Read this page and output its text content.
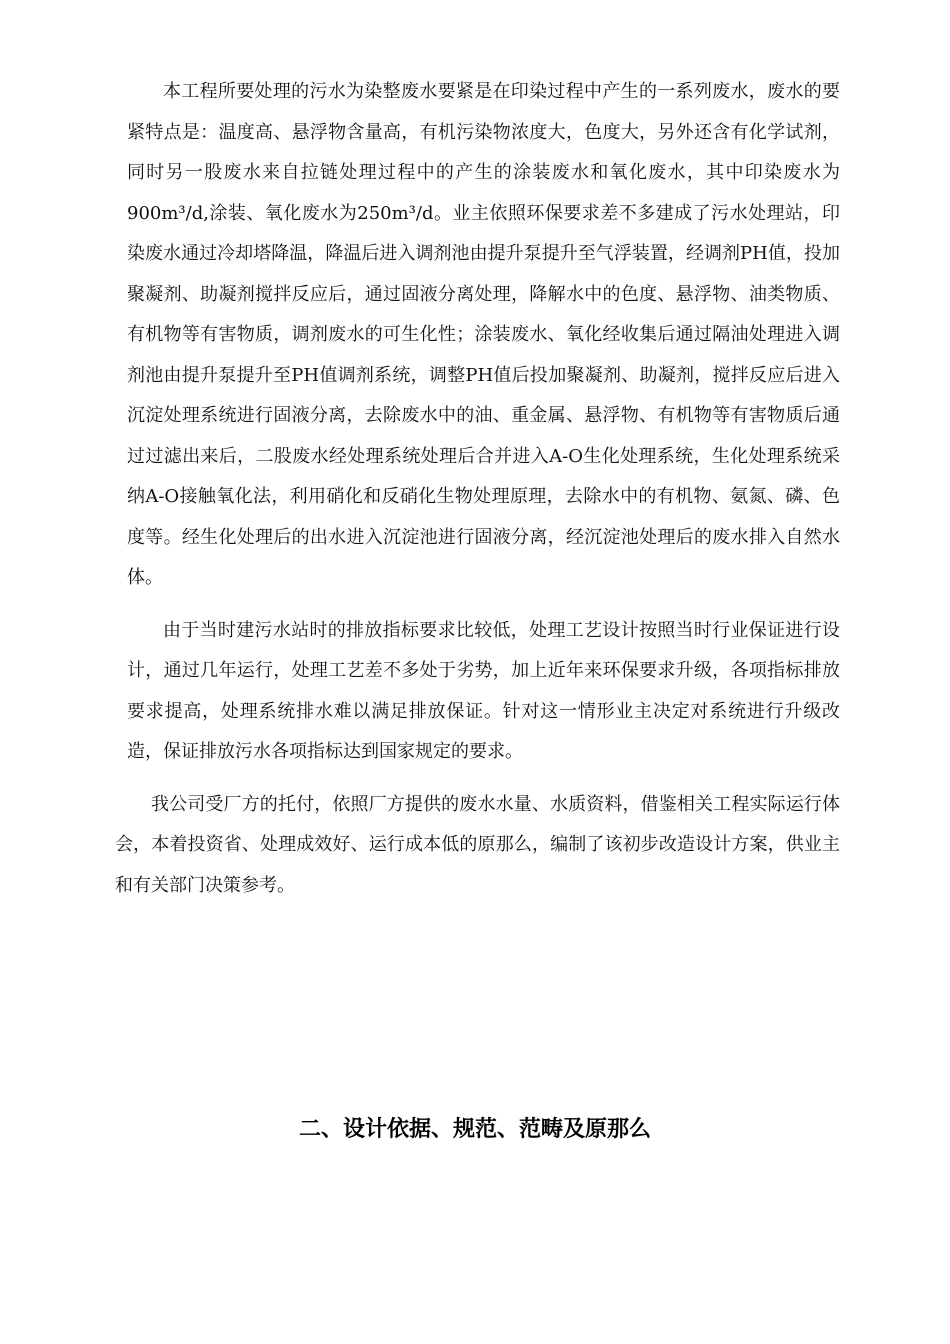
本工程所要处理的污水为染整废水要紧是在印染过程中产生的一系列废水，废水的要紧特点是：温度高、悬浮物含量高，有机污染物浓度大，色度大，另外还含有化学试剂，同时另一股废水来自拉链处理过程中的产生的涂装废水和氧化废水，其中印染废水为900m³/d,涂装、氧化废水为250m³/d。业主依照环保要求差不多建成了污水处理站，印染废水通过冷却塔降温，降温后进入调剂池由提升泵提升至气浮装置，经调剂PH值，投加聚凝剂、助凝剂搅拌反应后，通过固液分离处理，降解水中的色度、悬浮物、油类物质、有机物等有害物质，调剂废水的可生化性；涂装废水、氧化经收集后通过隔油处理进入调剂池由提升泵提升至PH值调剂系统，调整PH值后投加聚凝剂、助凝剂，搅拌反应后进入沉淀处理系统进行固液分离，去除废水中的油、重金属、悬浮物、有机物等有害物质后通过过滤出来后，二股废水经处理系统处理后合并进入A-O生化处理系统，生化处理系统采纳A-O接触氧化法，利用硝化和反硝化生物处理原理，去除水中的有机物、氨氮、磷、色度等。经生化处理后的出水进入沉淀池进行固液分离，经沉淀池处理后的废水排入自然水体。

由于当时建污水站时的排放指标要求比较低，处理工艺设计按照当时行业保证进行设计，通过几年运行，处理工艺差不多处于劣势，加上近年来环保要求升级，各项指标排放要求提高，处理系统排水难以满足排放保证。针对这一情形业主决定对系统进行升级改造，保证排放污水各项指标达到国家规定的要求。

我公司受厂方的托付，依照厂方提供的废水水量、水质资料，借鉴相关工程实际运行体会，本着投资省、处理成效好、运行成本低的原那么，编制了该初步改造设计方案，供业主和有关部门决策参考。

二、设计依据、规范、范畴及原那么
